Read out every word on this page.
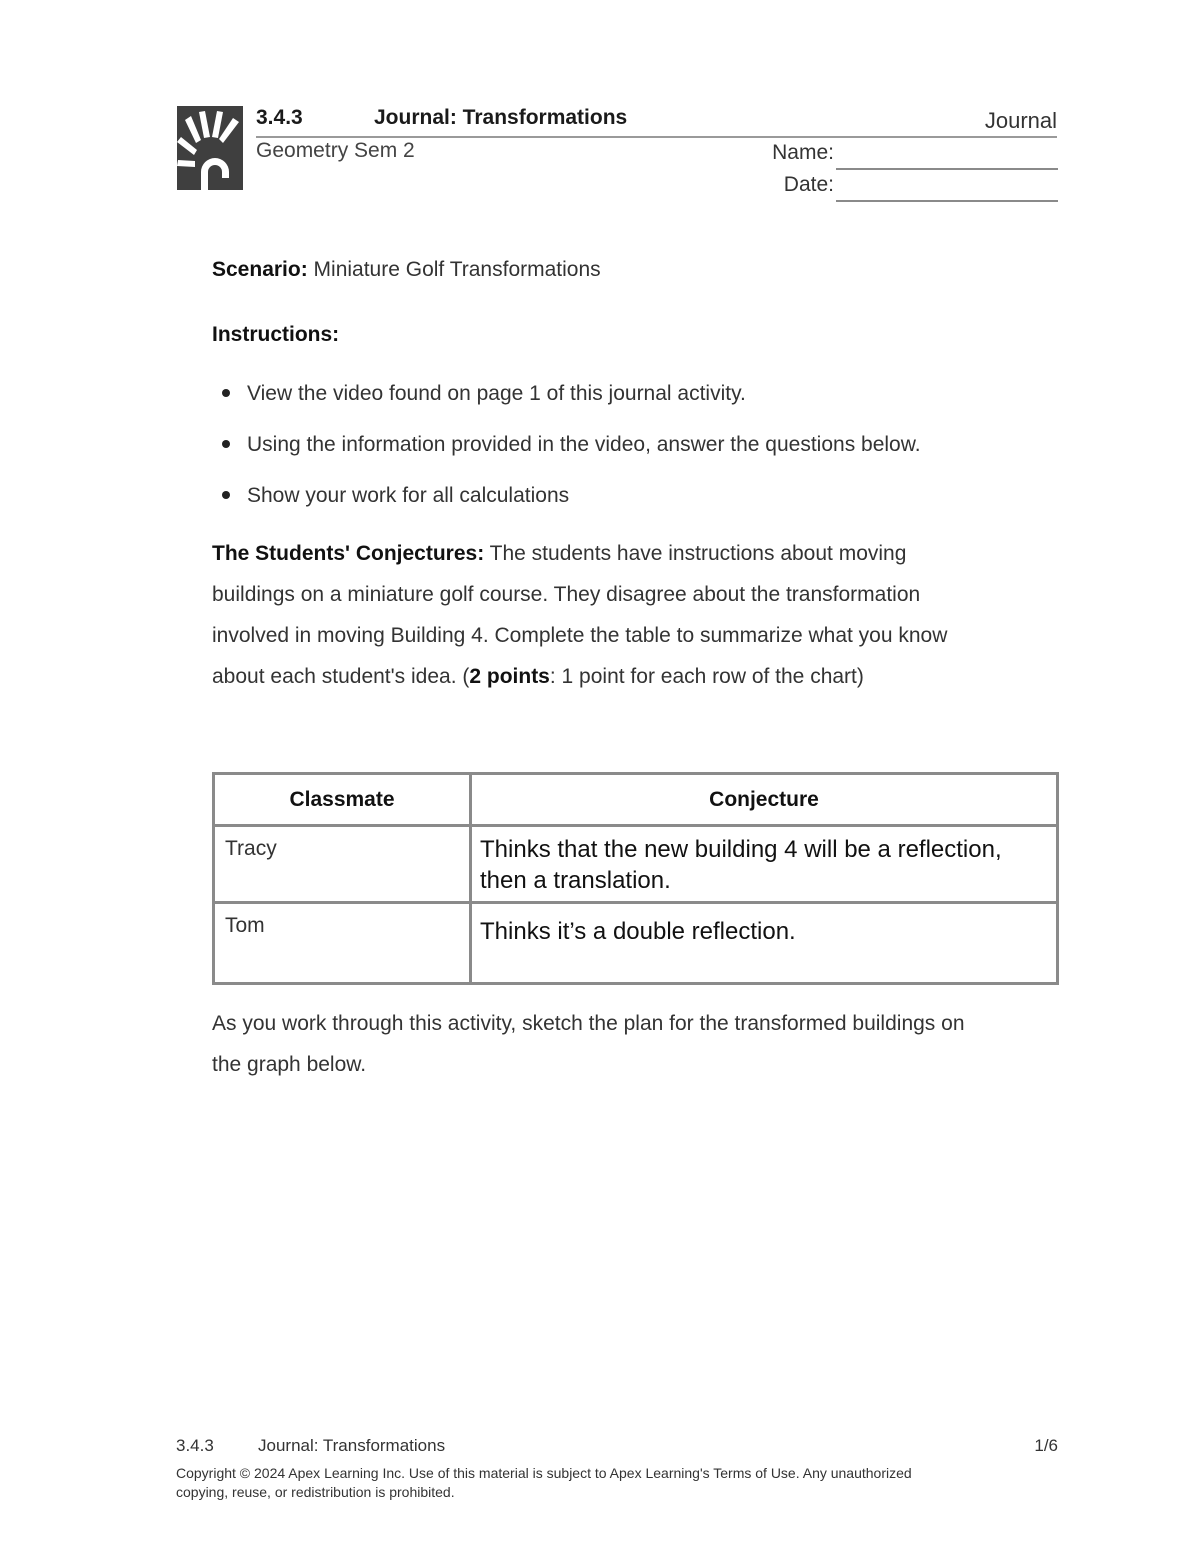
3.4.3	Journal: Transformations	Journal
Geometry Sem 2	Name:
Date:
Scenario: Miniature Golf Transformations
Instructions:
View the video found on page 1 of this journal activity.
Using the information provided in the video, answer the questions below.
Show your work for all calculations
The Students' Conjectures: The students have instructions about moving
buildings on a miniature golf course. They disagree about the transformation
involved in moving Building 4. Complete the table to summarize what you know
about each student's idea. (2 points: 1 point for each row of the chart)
Classmate	Conjecture
Tracy	Thinks that the new building 4 will be a reflection,
then a translation.

Tom	Thinks it’s a double reflection.
As you work through this activity, sketch the plan for the transformed buildings on
the graph below.
3.4.3	Journal: Transformations	1/6
Copyright © 2024 Apex Learning Inc. Use of this material is subject to Apex Learning's Terms of Use. Any unauthorized
copying, reuse, or redistribution is prohibited.
